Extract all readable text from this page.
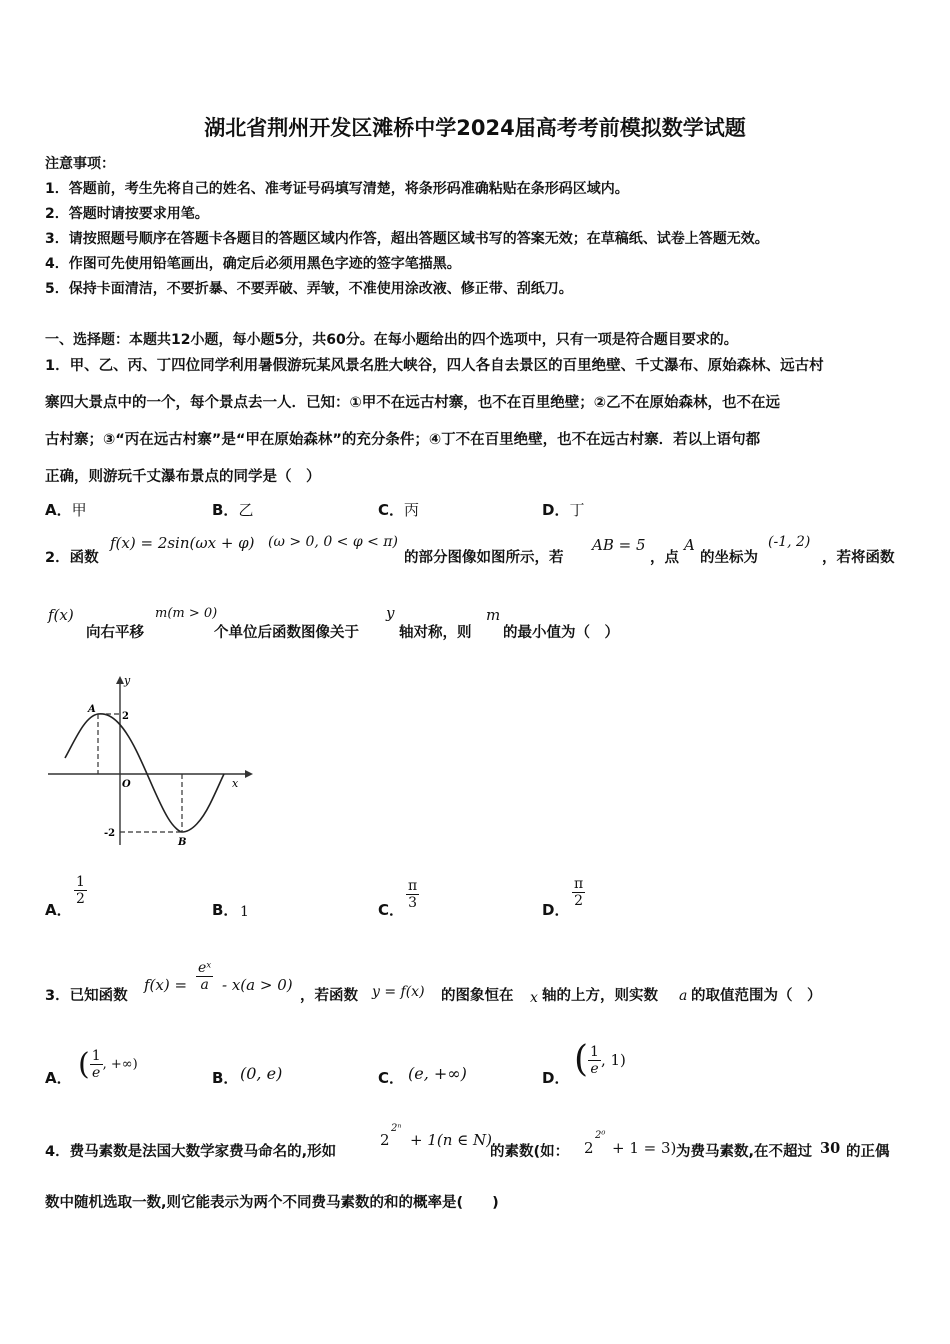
湖北省荆州开发区滩桥中学2024届高考考前模拟数学试题
注意事项：
1．答题前，考生先将自己的姓名、准考证号码填写清楚，将条形码准确粘贴在条形码区域内。
2．答题时请按要求用笔。
3．请按照题号顺序在答题卡各题目的答题区域内作答，超出答题区域书写的答案无效；在草稿纸、试卷上答题无效。
4．作图可先使用铅笔画出，确定后必须用黑色字迹的签字笔描黑。
5．保持卡面清洁，不要折暴、不要弄破、弄皱，不准使用涂改液、修正带、刮纸刀。
一、选择题：本题共12小题，每小题5分，共60分。在每小题给出的四个选项中，只有一项是符合题目要求的。
1．甲、乙、丙、丁四位同学利用暑假游玩某风景名胜大峡谷，四人各自去景区的百里绝壁、千丈瀑布、原始森林、远古村
寨四大景点中的一个，每个景点去一人．已知：①甲不在远古村寨，也不在百里绝壁；②乙不在原始森林，也不在远
古村寨；③“丙在远古村寨”是“甲在原始森林”的充分条件；④丁不在百里绝壁，也不在远古村寨．若以上语句都
正确，则游玩千丈瀑布景点的同学是（　）
A．甲	B．乙	C．丙	D．丁
2．函数
f(x) = 2sin(ωx + φ) (ω > 0, 0 < φ < π)
的部分图像如图所示，若
AB = 5
，点
A
的坐标为
(-1, 2)
，若将函数
f(x)
向右平移
m(m > 0)
个单位后函数图像关于
y
轴对称，则
m
的最小值为（　）
y
x
O
A
B
2
-2
A．
$\frac{1}{2}$
B． 1	C． $\frac{\pi}{3}$	D．
$\frac{\pi}{2}$
3．已知函数
$f(x) = \frac{\text{eˣ}}{a} - x(a > 0)$
，若函数 y = f(x) 的图象恒在 x 轴的上方，则实数 a 的取值范围为（　）
A． ( $\frac{1}{e}$ , +∞)
B． (0, e)	C． (e, +∞)	D． ( $\frac{1}{e}$ , 1)
4．费马素数是法国大数学家费马命名的,形如
2
2ⁿ
+ 1(n ∈ N)
的素数(如： 2
2⁰
+ 1 = 3) 为费马素数,在不超过 30 的正偶
数中随机选取一数,则它能表示为两个不同费马素数的和的概率是(　　)
